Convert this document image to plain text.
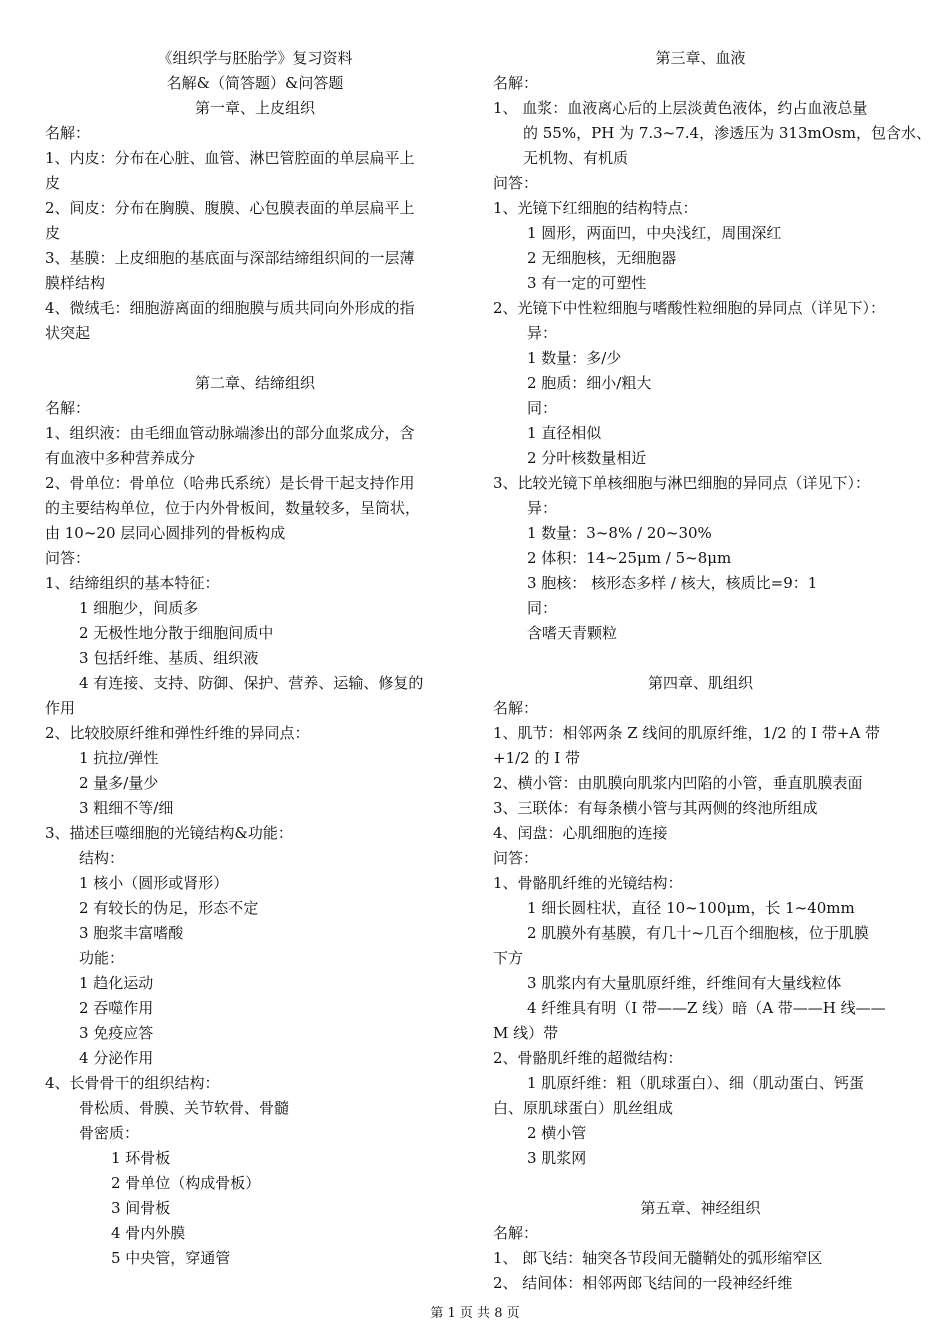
《组织学与胚胎学》复习资料
名解&（简答题）&问答题
第一章、上皮组织
名解：
1、内皮：分布在心脏、血管、淋巴管腔面的单层扁平上
皮
2、间皮：分布在胸膜、腹膜、心包膜表面的单层扁平上
皮
3、基膜：上皮细胞的基底面与深部结缔组织间的一层薄
膜样结构
4、微绒毛：细胞游离面的细胞膜与质共同向外形成的指
状突起
第二章、结缔组织
名解：
1、组织液：由毛细血管动脉端渗出的部分血浆成分，含
有血液中多种营养成分
2、骨单位：骨单位（哈弗氏系统）是长骨干起支持作用
的主要结构单位，位于内外骨板间，数量较多，呈筒状，
由 10~20 层同心圆排列的骨板构成
问答：
1、结缔组织的基本特征：
1 细胞少，间质多
2 无极性地分散于细胞间质中
3 包括纤维、基质、组织液
4 有连接、支持、防御、保护、营养、运输、修复的
作用
2、比较胶原纤维和弹性纤维的异同点：
1 抗拉/弹性
2 量多/量少
3 粗细不等/细
3、描述巨噬细胞的光镜结构&功能：
结构：
1 核小（圆形或肾形）
2 有较长的伪足，形态不定
3 胞浆丰富嗜酸
功能：
1 趋化运动
2 吞噬作用
3 免疫应答
4 分泌作用
4、长骨骨干的组织结构：
骨松质、骨膜、关节软骨、骨髓
骨密质：
1 环骨板
2 骨单位（构成骨板）
3 间骨板
4 骨内外膜
5 中央管，穿通管
第三章、血液
名解：
1、 血浆：血液离心后的上层淡黄色液体，约占血液总量
的 55%，PH 为 7.3~7.4，渗透压为 313mOsm，包含水、
无机物、有机质
问答：
1、光镜下红细胞的结构特点：
1 圆形，两面凹，中央浅红，周围深红
2 无细胞核，无细胞器
3 有一定的可塑性
2、光镜下中性粒细胞与嗜酸性粒细胞的异同点（详见下）：
异：
1 数量：多/少
2 胞质：细小/粗大
同：
1 直径相似
2 分叶核数量相近
3、比较光镜下单核细胞与淋巴细胞的异同点（详见下）：
异：
1 数量：3~8% / 20~30%
2 体积：14~25μm / 5~8μm
3 胞核： 核形态多样 / 核大，核质比=9：1
同：
含嗜天青颗粒
第四章、肌组织
名解：
1、肌节：相邻两条 Z 线间的肌原纤维，1/2 的 I 带+A 带
+1/2 的 I 带
2、横小管：由肌膜向肌浆内凹陷的小管，垂直肌膜表面
3、三联体：有每条横小管与其两侧的终池所组成
4、闰盘：心肌细胞的连接
问答：
1、骨骼肌纤维的光镜结构：
1 细长圆柱状，直径 10~100μm，长 1~40mm
2 肌膜外有基膜，有几十~几百个细胞核，位于肌膜
下方
3 肌浆内有大量肌原纤维，纤维间有大量线粒体
4 纤维具有明（I 带——Z 线）暗（A 带——H 线——
M 线）带
2、骨骼肌纤维的超微结构：
1 肌原纤维：粗（肌球蛋白）、细（肌动蛋白、钙蛋
白、原肌球蛋白）肌丝组成
2 横小管
3 肌浆网
第五章、神经组织
名解：
1、 郎飞结：轴突各节段间无髓鞘处的弧形缩窄区
2、 结间体：相邻两郎飞结间的一段神经纤维
第 1 页 共 8 页
